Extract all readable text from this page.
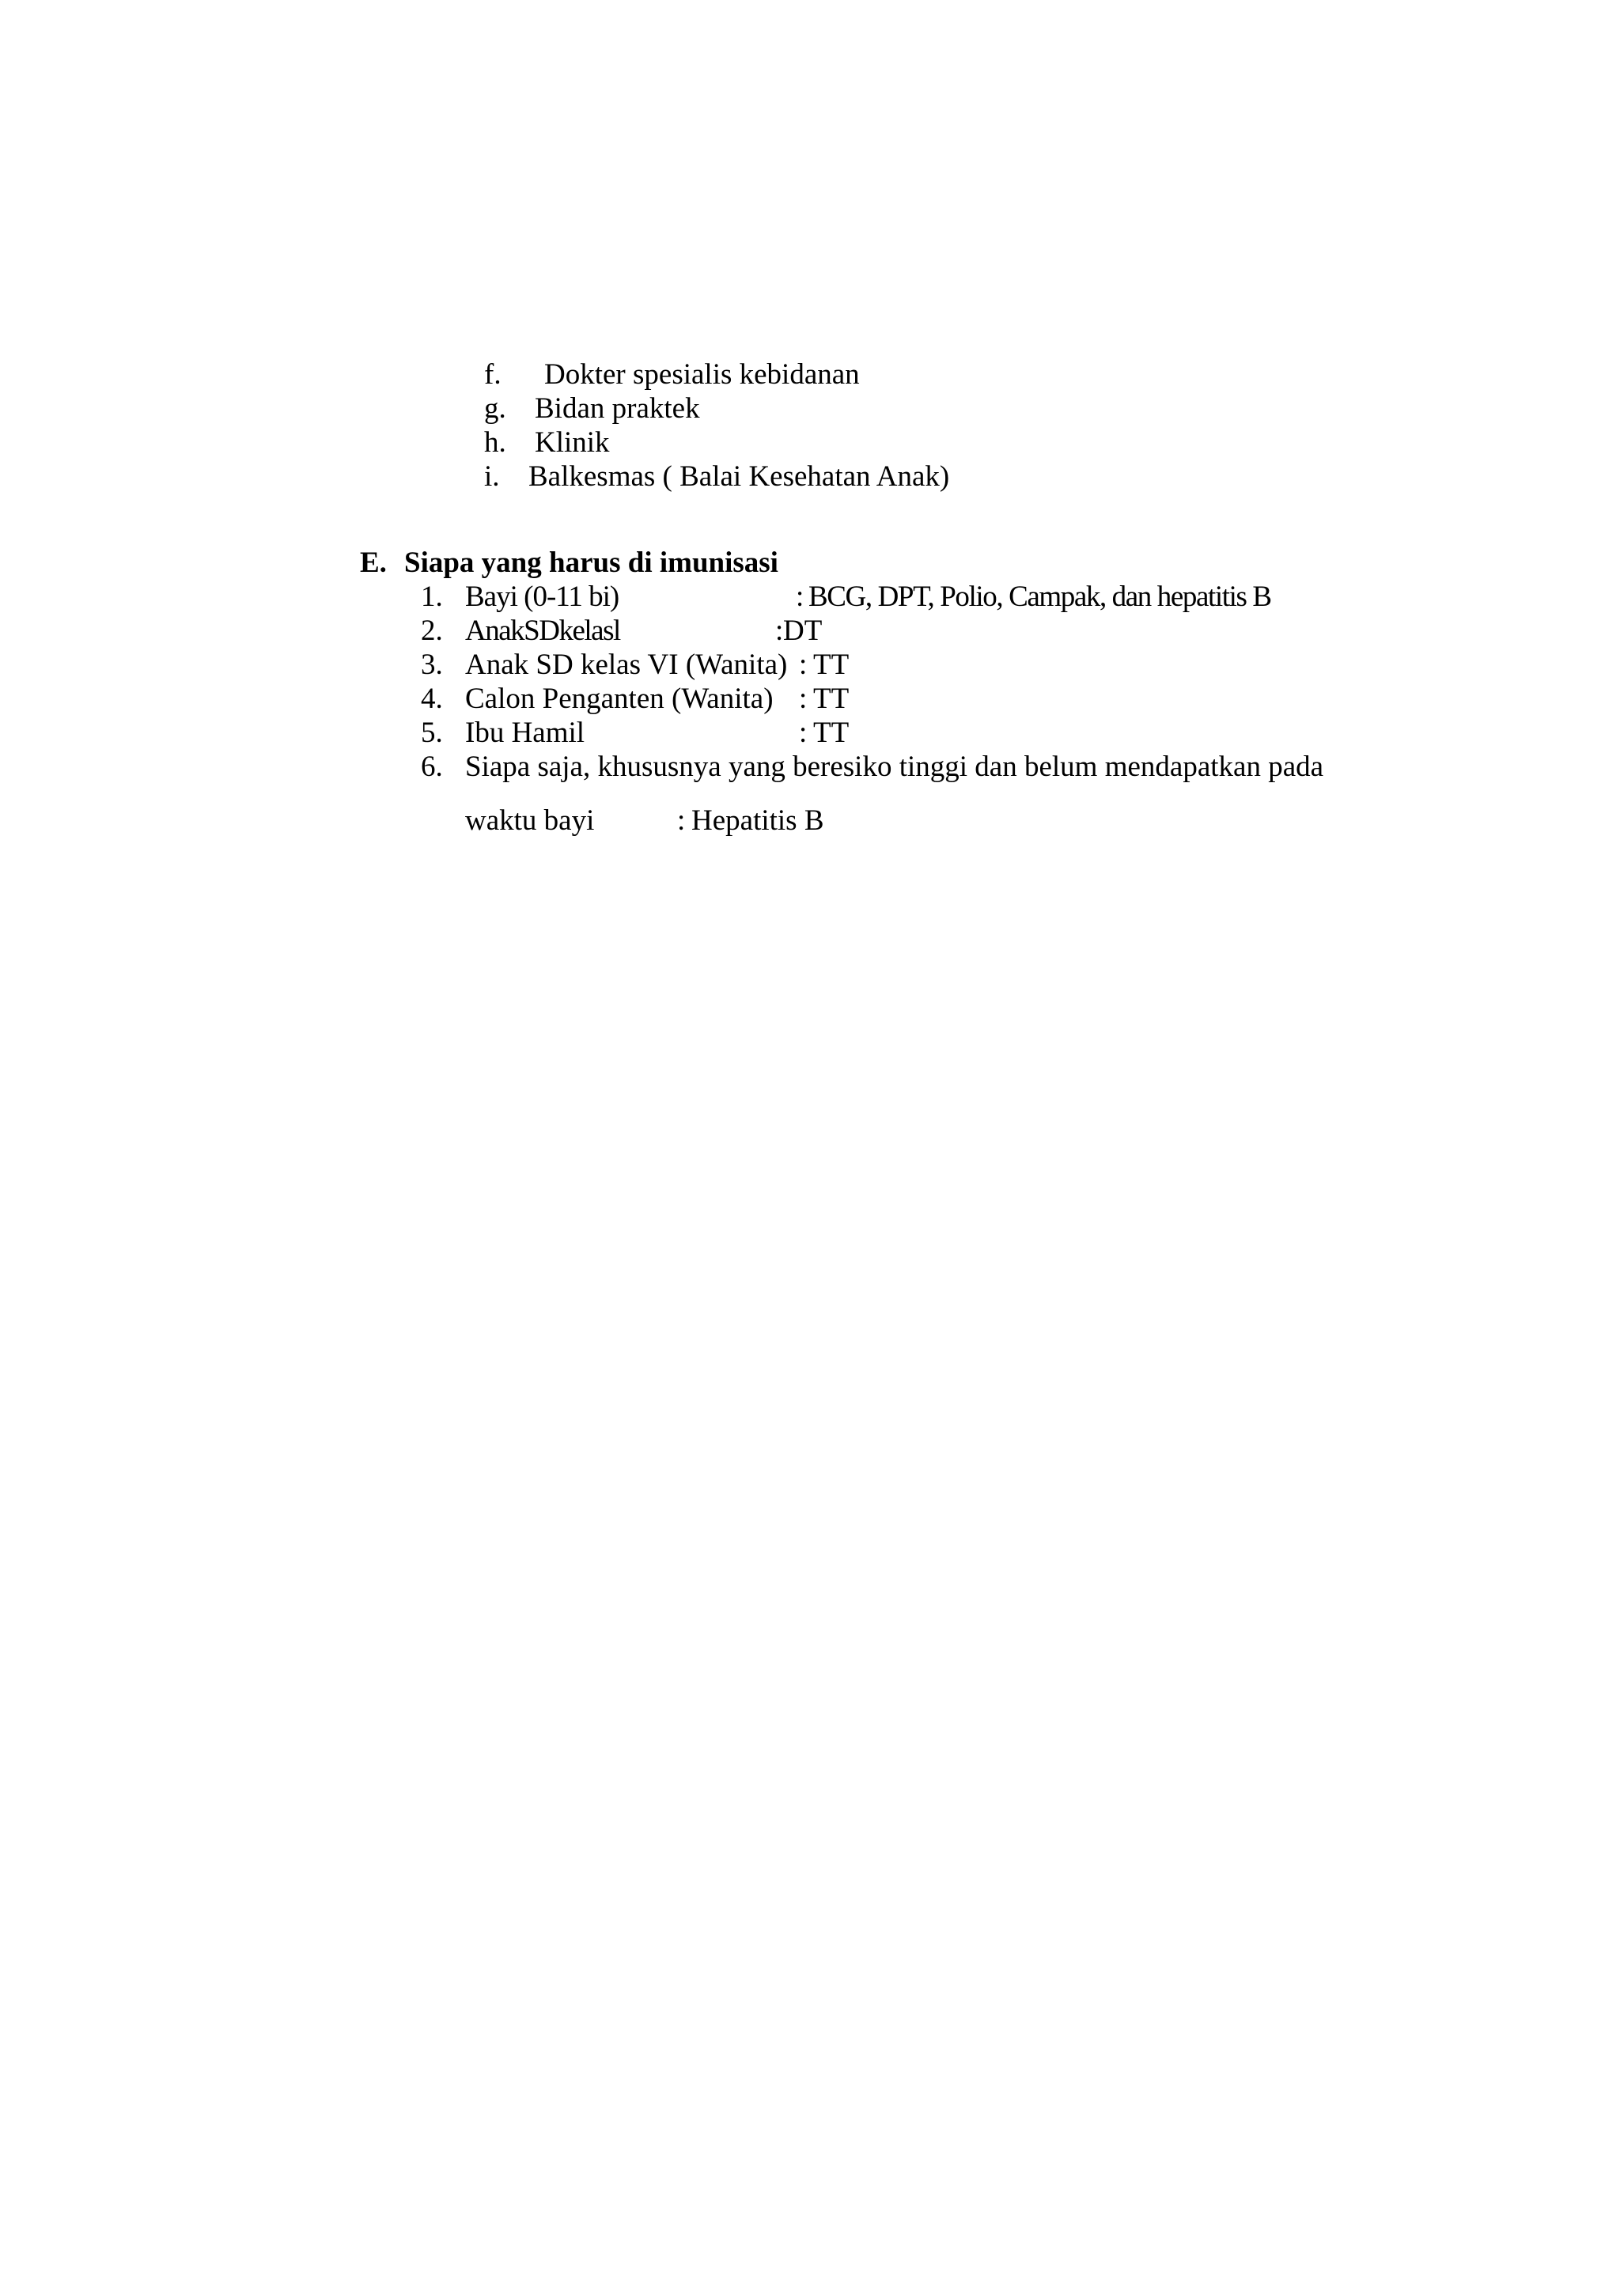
f. Dokter spesialis kebidanan
g. Bidan praktek
h. Klinik
i. Balkesmas ( Balai Kesehatan Anak)
E. Siapa yang harus di imunisasi
1. Bayi (0-11 bi)	: BCG, DPT, Polio, Campak, dan hepatitis B
2. AnakSDkelasl	: DT
3. Anak SD kelas VI (Wanita) : TT
4. Calon Penganten (Wanita) : TT
5. Ibu Hamil	: TT
6. Siapa saja, khususnya yang beresiko tinggi dan belum mendapatkan pada
waktu bayi	: Hepatitis B
